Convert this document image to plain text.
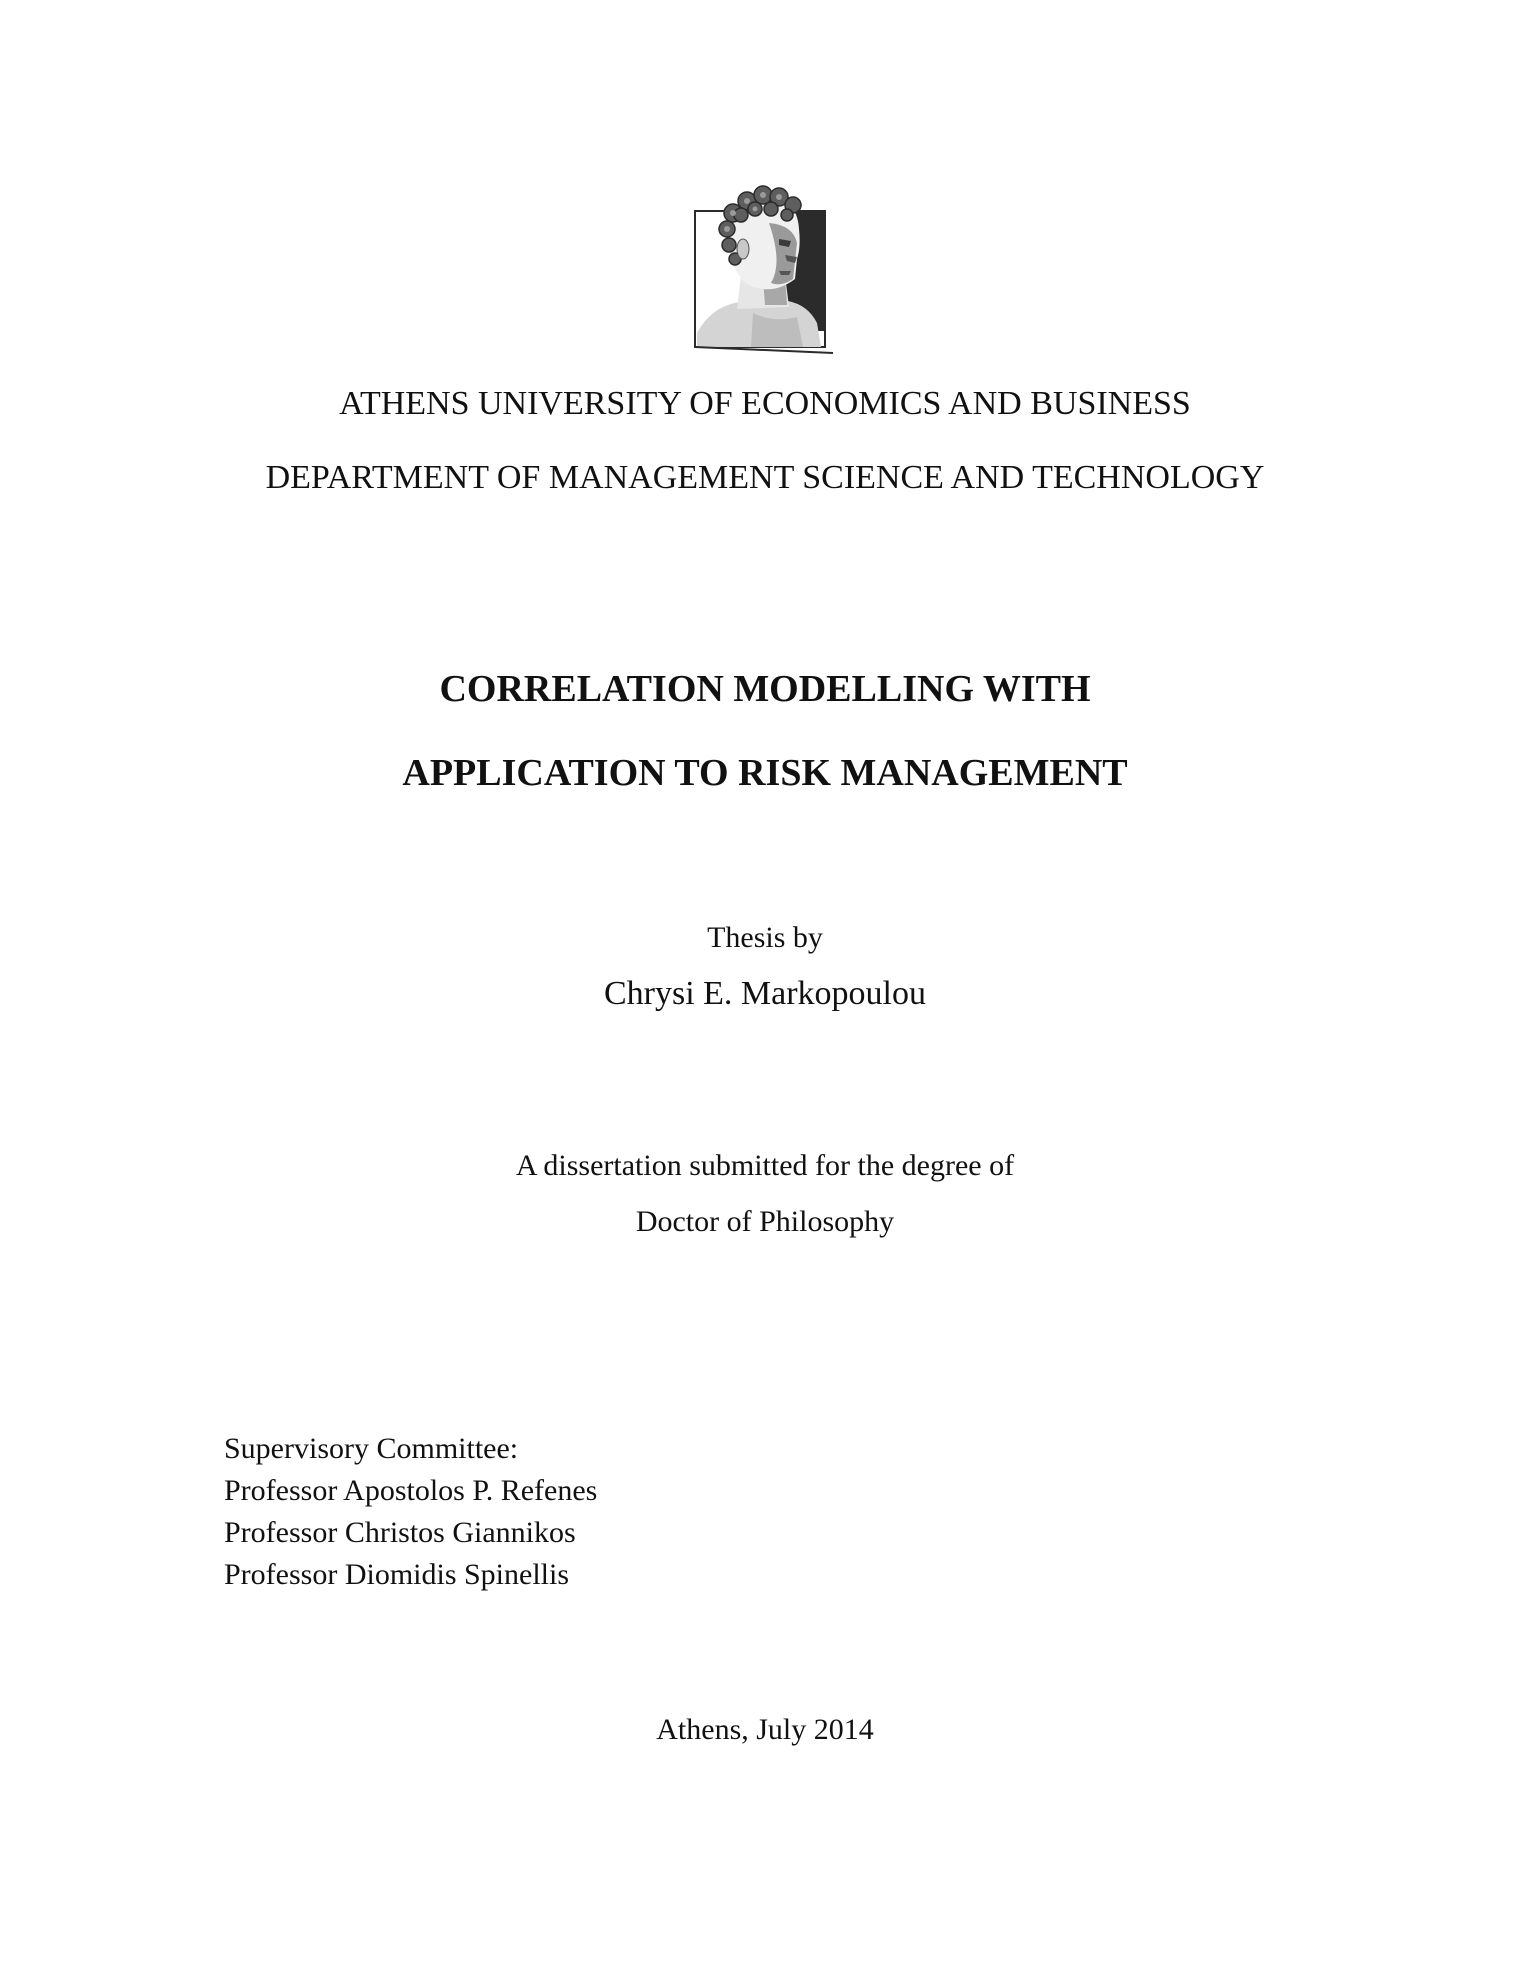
ATHENS UNIVERSITY OF ECONOMICS AND BUSINESS
DEPARTMENT OF MANAGEMENT SCIENCE AND TECHNOLOGY
CORRELATION MODELLING WITH
APPLICATION TO RISK MANAGEMENT
Thesis by
Chrysi E. Markopoulou
A dissertation submitted for the degree of
Doctor of Philosophy
Supervisory Committee:
Professor Apostolos P. Refenes
Professor Christos Giannikos
Professor Diomidis Spinellis
Athens, July 2014
